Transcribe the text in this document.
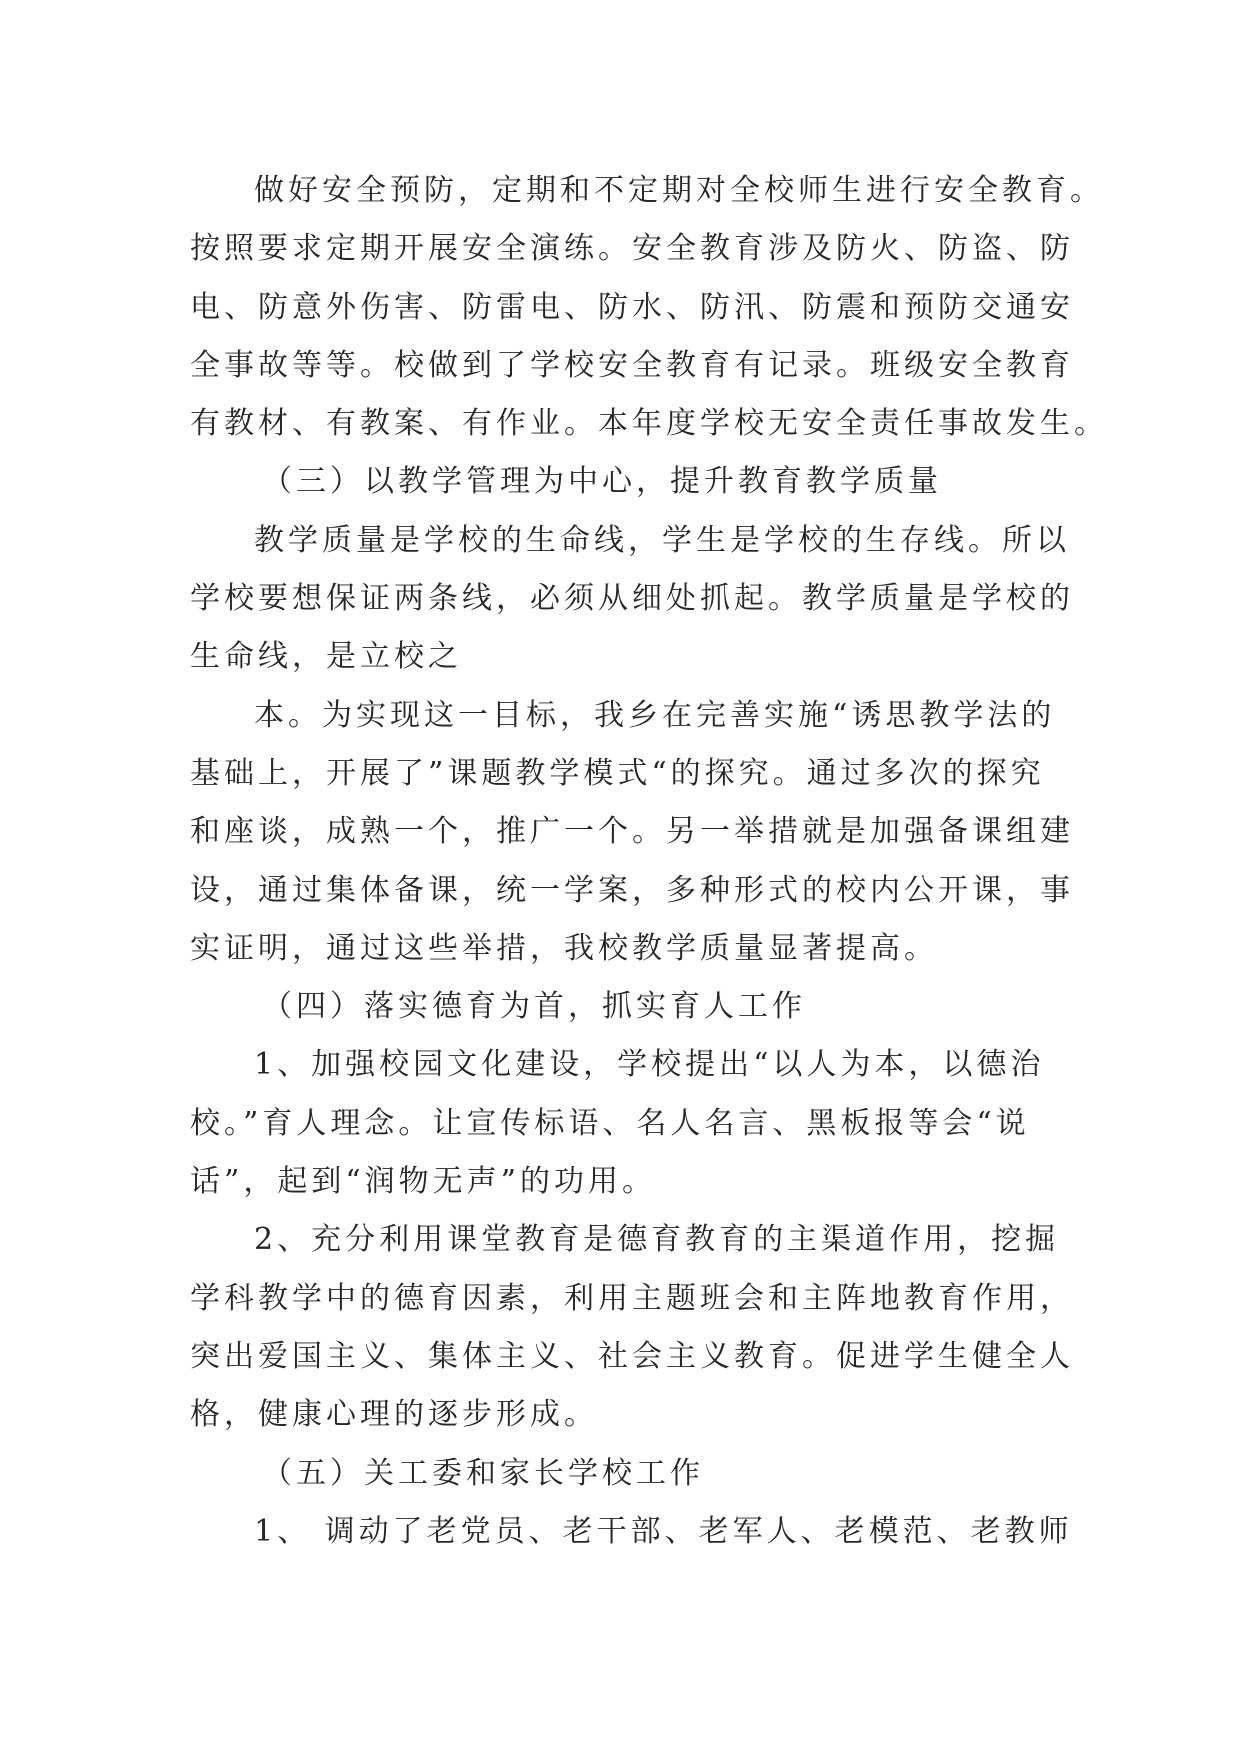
做好安全预防，定期和不定期对全校师生进行安全教育。
按照要求定期开展安全演练。安全教育涉及防火、防盗、防
电、防意外伤害、防雷电、防水、防汛、防震和预防交通安
全事故等等。校做到了学校安全教育有记录。班级安全教育
有教材、有教案、有作业。本年度学校无安全责任事故发生。
（三）以教学管理为中心，提升教育教学质量
教学质量是学校的生命线，学生是学校的生存线。所以
学校要想保证两条线，必须从细处抓起。教学质量是学校的
生命线，是立校之
本。为实现这一目标，我乡在完善实施“诱思教学法的
基础上，开展了”课题教学模式“的探究。通过多次的探究
和座谈，成熟一个，推广一个。另一举措就是加强备课组建
设，通过集体备课，统一学案，多种形式的校内公开课，事
实证明，通过这些举措，我校教学质量显著提高。
（四）落实德育为首，抓实育人工作
1、加强校园文化建设，学校提出“以人为本，以德治
校。”育人理念。让宣传标语、名人名言、黑板报等会“说
话”，起到“润物无声”的功用。
2、充分利用课堂教育是德育教育的主渠道作用，挖掘
学科教学中的德育因素，利用主题班会和主阵地教育作用，
突出爱国主义、集体主义、社会主义教育。促进学生健全人
格，健康心理的逐步形成。
（五）关工委和家长学校工作
1、 调动了老党员、老干部、老军人、老模范、老教师
